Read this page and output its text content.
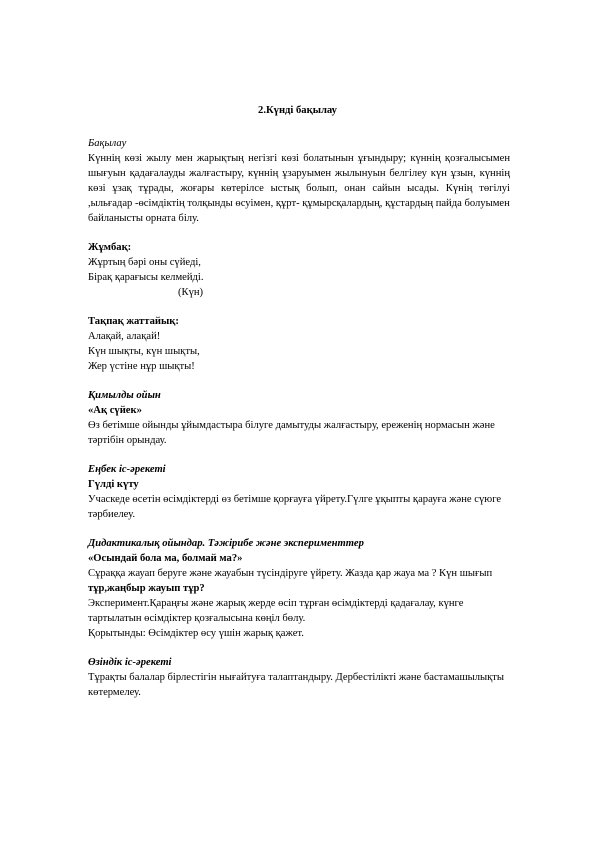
2.Күнді бақылау
Бақылау

Күннің көзі жылу мен жарықтың негізгі көзі болатынын ұғындыру; күннің қозғалысымен шығуын қадағалауды жалғастыру, күннің ұзаруымен жылынуын белгілеу күн ұзын, күннің көзі ұзақ тұрады, жоғары көтерілсе ыстық болып, онан сайын ысады. Күнің төгілуі ,ыльғадар -өсімдіктің толқынды өсуімен, құрт- құмырсқалардың, құстардың пайда болуымен

байланысты орната білу.
Жұмбақ:
Жұртың бәрі оны сүйеді,
Бірақ қарағысы келмейді.
(Күн)
Тақпақ жаттайық:
Алақай, алақай!
Күн шықты, күн шықты,
Жер үстіне нұр шықты!
Қимылды ойын
«Ақ сүйек»

Өз бетімше ойынды ұйымдастыра білуге дамытуды жалғастыру, ереженің нормасын және тәртібін орындау.

Еңбек іс-әрекеті
Гүлді күту

Учаскеде өсетін өсімдіктерді өз бетімше қорғауға үйрету.Гүлге ұқыпты қарауға және сүюге тәрбиелеу.

Дидактикалық ойындар. Тәжірибе және эксперименттер
«Осындай бола ма, болмай ма?»
Сұраққа жауап беруге және жауабын түсіндіруге үйрету. Жазда қар жауа ма ? Күн шығып
тұр,жаңбыр жауып тұр?
Эксперимент.Қараңғы және жарық жерде өсіп тұрған өсімдіктерді қадағалау, күнге
тартылатын өсімдіктер қозғалысына көңіл бөлу.
Қорытынды: Өсімдіктер өсу үшін жарық қажет.
Өзіндік іс-әрекеті

Тұрақты балалар бірлестігін нығайтуға талаптандыру. Дербестілікті және бастамашылықты көтермелеу.
